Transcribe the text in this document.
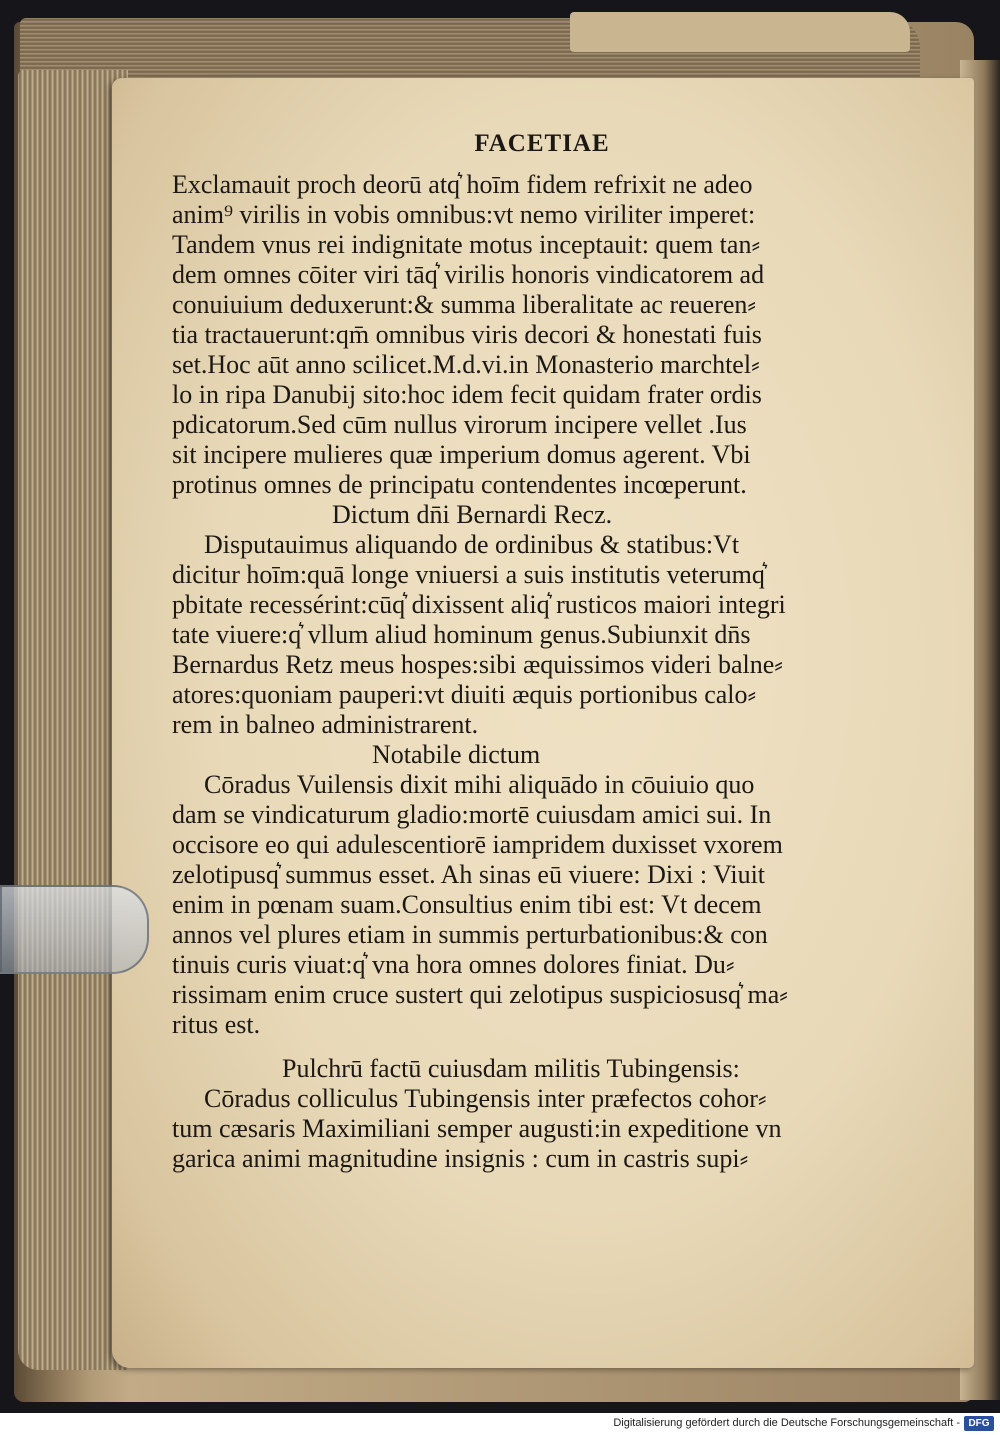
FACETIAE
Exclamauit proch deorū atq͛ hoīm fidem refrixit ne adeo
anim⁹ virilis in vobis omnibus:vt nemo viriliter imperet:
Tandem vnus rei indignitate motus inceptauit: quem tan⸗
dem omnes cōiter viri tāq͛ virilis honoris vindicatorem ad
conuiuium deduxerunt:& summa liberalitate ac reueren⸗
tia tractauerunt:qm̄ omnibus viris decori & honestati fuis
set.Hoc aūt anno scilicet.M.d.vi.in Monasterio marchtel⸗
lo in ripa Danubij sito:hoc idem fecit quidam frater ordis
pdicatorum.Sed cūm nullus virorum incipere vellet .Ius
sit incipere mulieres quæ imperium domus agerent. Vbi
protinus omnes de principatu contendentes incœperunt.
Dictum dn̄i Bernardi Recz.
Disputauimus aliquando de ordinibus & statibus:Vt
dicitur hoīm:quā longe vniuersi a suis institutis veterumq͛
pbitate recessérint:cūq͛ dixissent aliq͛ rusticos maiori integri
tate viuere:q͛ vllum aliud hominum genus.Subiunxit dn̄s
Bernardus Retz meus hospes:sibi æquissimos videri balne⸗
atores:quoniam pauperi:vt diuiti æquis portionibus calo⸗
rem in balneo administrarent.
Notabile dictum
Cōradus Vuilensis dixit mihi aliquādo in cōuiuio quo
dam se vindicaturum gladio:mortē cuiusdam amici sui. In
occisore eo qui adulescentiorē iampridem duxisset vxorem
zelotipusq͛ summus esset. Ah sinas eū viuere: Dixi : Viuit
enim in pœnam suam.Consultius enim tibi est: Vt decem
annos vel plures etiam in summis perturbationibus:& con
tinuis curis viuat:q͛ vna hora omnes dolores finiat. Du⸗
rissimam enim cruce sustert qui zelotipus suspiciosusq͛ ma⸗
ritus est.
Pulchrū factū cuiusdam militis Tubingensis:
Cōradus colliculus Tubingensis inter præfectos cohor⸗
tum cæsaris Maximiliani semper augusti:in expeditione vn
garica animi magnitudine insignis : cum in castris supi⸗
Digitalisierung gefördert durch die Deutsche Forschungsgemeinschaft - DFG
